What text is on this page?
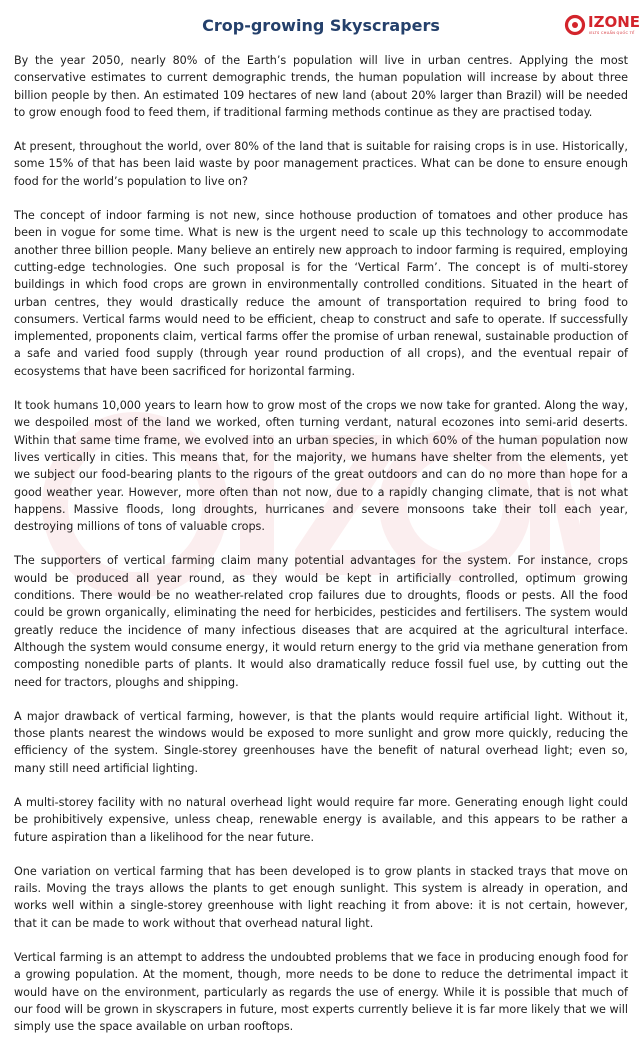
Crop-growing Skyscrapers	IZONE
IELTS CHUẨN QUỐC TẾ

By the year 2050, nearly 80% of the Earth’s population will live in urban centres. Applying the most conservative estimates to current demographic trends, the human population will increase by about three billion people by then. An estimated 109 hectares of new land (about 20% larger than Brazil) will be needed to grow enough food to feed them, if traditional farming methods continue as they are practised today.

At present, throughout the world, over 80% of the land that is suitable for raising crops is in use. Historically, some 15% of that has been laid waste by poor management practices. What can be done to ensure enough food for the world’s population to live on?

The concept of indoor farming is not new, since hothouse production of tomatoes and other produce has been in vogue for some time. What is new is the urgent need to scale up this technology to accommodate another three billion people. Many believe an entirely new approach to indoor farming is required, employing cutting-edge technologies. One such proposal is for the ‘Vertical Farm’. The concept is of multi-storey buildings in which food crops are grown in environmentally controlled conditions. Situated in the heart of urban centres, they would drastically reduce the amount of transportation required to bring food to consumers. Vertical farms would need to be efficient, cheap to construct and safe to operate. If successfully implemented, proponents claim, vertical farms offer the promise of urban renewal, sustainable production of a safe and varied food supply (through year round production of all crops), and the eventual repair of ecosystems that have been sacrificed for horizontal farming.

It took humans 10,000 years to learn how to grow most of the crops we now take for granted. Along the way, we despoiled most of the land we worked, often turning verdant, natural ecozones into semi-arid deserts. Within that same time frame, we evolved into an urban species, in which 60% of the human population now lives vertically in cities. This means that, for the majority, we humans have shelter from the elements, yet we subject our food-bearing plants to the rigours of the great outdoors and can do no more than hope for a good weather year. However, more often than not now, due to a rapidly changing climate, that is not what happens. Massive floods, long droughts, hurricanes and severe monsoons take their toll each year, destroying millions of tons of valuable crops.

The supporters of vertical farming claim many potential advantages for the system. For instance, crops would be produced all year round, as they would be kept in artificially controlled, optimum growing conditions. There would be no weather-related crop failures due to droughts, floods or pests. All the food could be grown organically, eliminating the need for herbicides, pesticides and fertilisers. The system would greatly reduce the incidence of many infectious diseases that are acquired at the agricultural interface. Although the system would consume energy, it would return energy to the grid via methane generation from composting nonedible parts of plants. It would also dramatically reduce fossil fuel use, by cutting out the need for tractors, ploughs and shipping.

A major drawback of vertical farming, however, is that the plants would require artificial light. Without it, those plants nearest the windows would be exposed to more sunlight and grow more quickly, reducing the efficiency of the system. Single-storey greenhouses have the benefit of natural overhead light; even so, many still need artificial lighting.

A multi-storey facility with no natural overhead light would require far more. Generating enough light could be prohibitively expensive, unless cheap, renewable energy is available, and this appears to be rather a future aspiration than a likelihood for the near future.

One variation on vertical farming that has been developed is to grow plants in stacked trays that move on rails. Moving the trays allows the plants to get enough sunlight. This system is already in operation, and works well within a single-storey greenhouse with light reaching it from above: it is not certain, however, that it can be made to work without that overhead natural light.

Vertical farming is an attempt to address the undoubted problems that we face in producing enough food for a growing population. At the moment, though, more needs to be done to reduce the detrimental impact it would have on the environment, particularly as regards the use of energy. While it is possible that much of our food will be grown in skyscrapers in future, most experts currently believe it is far more likely that we will simply use the space available on urban rooftops.
